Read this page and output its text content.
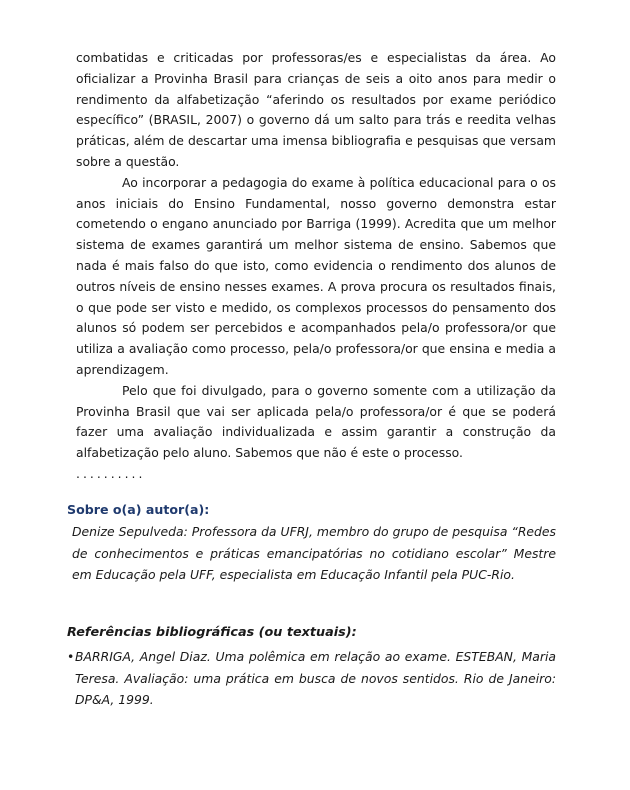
combatidas e criticadas por professoras/es e especialistas da área. Ao oficializar a Provinha Brasil para crianças de seis a oito anos para medir o rendimento da alfabetização “aferindo os resultados por exame periódico específico” (BRASIL, 2007) o governo dá um salto para trás e reedita velhas práticas, além de descartar uma imensa bibliografia e pesquisas que versam sobre a questão.

Ao incorporar a pedagogia do exame à política educacional para o os anos iniciais do Ensino Fundamental, nosso governo demonstra estar cometendo o engano anunciado por Barriga (1999). Acredita que um melhor sistema de exames garantirá um melhor sistema de ensino. Sabemos que nada é mais falso do que isto, como evidencia o rendimento dos alunos de outros níveis de ensino nesses exames. A prova procura os resultados finais, o que pode ser visto e medido, os complexos processos do pensamento dos alunos só podem ser percebidos e acompanhados pela/o professora/or que utiliza a avaliação como processo, pela/o professora/or que ensina e media a aprendizagem.

Pelo que foi divulgado, para o governo somente com a utilização da Provinha Brasil que vai ser aplicada pela/o professora/or é que se poderá fazer uma avaliação individualizada e assim garantir a construção da alfabetização pelo aluno. Sabemos que não é este o processo.

..........

Sobre o(a) autor(a):

Denize Sepulveda: Professora da UFRJ, membro do grupo de pesquisa “Redes de conhecimentos e práticas emancipatórias no cotidiano escolar” Mestre em Educação pela UFF, especialista em Educação Infantil pela PUC-Rio.

Referências bibliográficas (ou textuais):
• BARRIGA, Angel Diaz. Uma polêmica em relação ao exame. ESTEBAN, Maria Teresa. Avaliação: uma prática em busca de novos sentidos. Rio de Janeiro: DP&A, 1999.
